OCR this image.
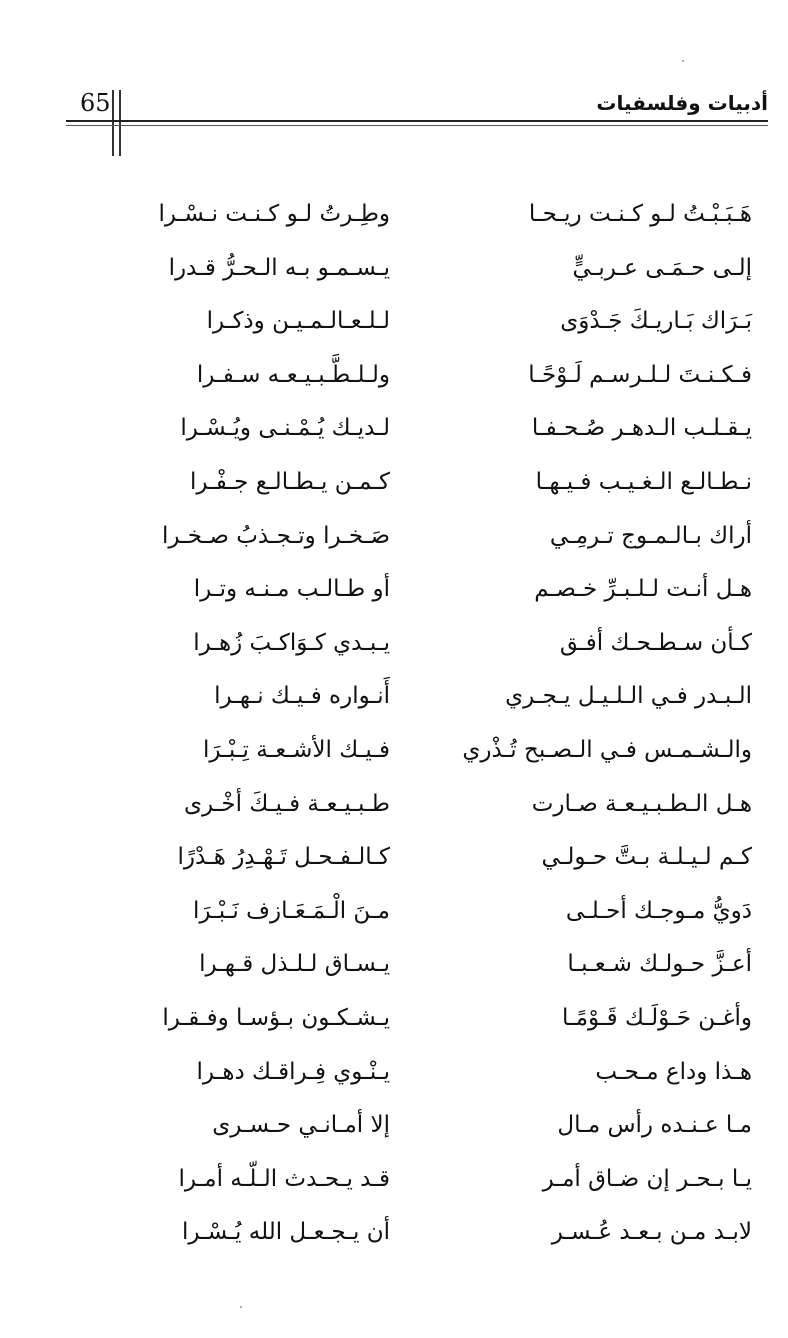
65	أدبيات وفلسفيات
هَـبَـبْـتُ لـو كـنـت ريـحـا
وطِـرتُ لـو كـنـت نـسْـرا
إلـى حـمَـى عـربـيٍّ
يـسـمـو بـه الـحـرُّ قـدرا
بَـرَاك بَـاريـكَ جَـدْوَى
لـلـعـالـمـيـن وذكـرا
فـكـنـتَ لـلـرسـم لَـوْحًـا
ولـلـطَّـبـيـعـه سـفـرا
يـقـلـب الـدهـر صُـحـفـا
لـديـك يُـمْـنـى ويُـسْـرا
نـطـالـع الـغـيـب فـيـهـا
كـمـن يـطـالـع جـفْـرا
أراك بـالـمـوج تـرمِـي
صَـخـرا وتـجـذبُ صـخـرا
هـل أنـت لـلـبـرِّ خـصـم
أو طـالـب مـنـه وتـرا
كـأن سـطـحـك أفـق
يـبـدي كـوَاكـبَ زُهـرا
الـبـدر فـي الـلـيـل يـجـري
أَنـواره فـيـك نـهـرا
والـشـمـس فـي الـصـبح تُـذْري
فـيـك الأشـعـة تِـبْـرَا
هـل الـطـبـيـعـة صـارت
طـبـيـعـة فـيـكَ أخْـرى
كـم لـيـلـة بـتَّ حـولـي
كـالـفـحـل تَـهْـدِرُ هَـدْرًا
دَويُّ مـوجـك أحـلـى
مـنَ الْـمَـعَـازف نَـبْـرَا
أعـزَّ حـولـك شـعـبـا
يـسـاق لـلـذل قـهـرا
وأغـن حَـوْلَـك قَـوْمًـا
يـشـكـون بـؤسـا وفـقـرا
هـذا وداع مـحـب
يـنْـوي فِـراقـك دهـرا
مـا عـنـده رأس مـال
إلا أمـانـي حـسـرى
يـا بـحـر إن ضـاق أمـر
قـد يـحـدث الـلّـه أمـرا
لابـد مـن بـعـد عُـسـر
أن يـجـعـل الله يُـسْـرا
